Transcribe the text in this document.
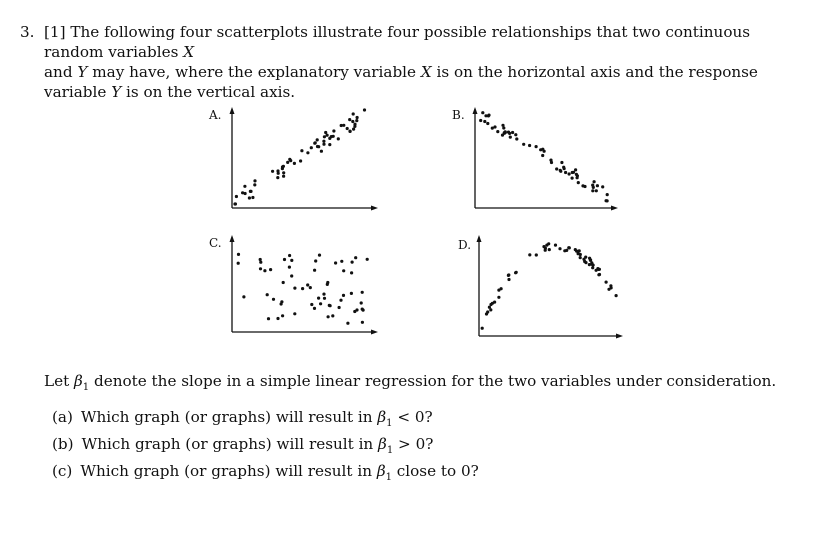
3. [1] The following four scatterplots illustrate four possible relationships that two continuous random variables X
and Y may have, where the explanatory variable X is on the horizontal axis and the response variable Y is on the vertical axis.
A.	B.
C.	D.
Let $\beta_1$ denote the slope in a simple linear regression for the two variables under consideration.
(a) Which graph (or graphs) will result in $\beta_1 < 0$?
(b) Which graph (or graphs) will result in $\beta_1 > 0$?
(c) Which graph (or graphs) will result in $\beta_1$ close to 0?
